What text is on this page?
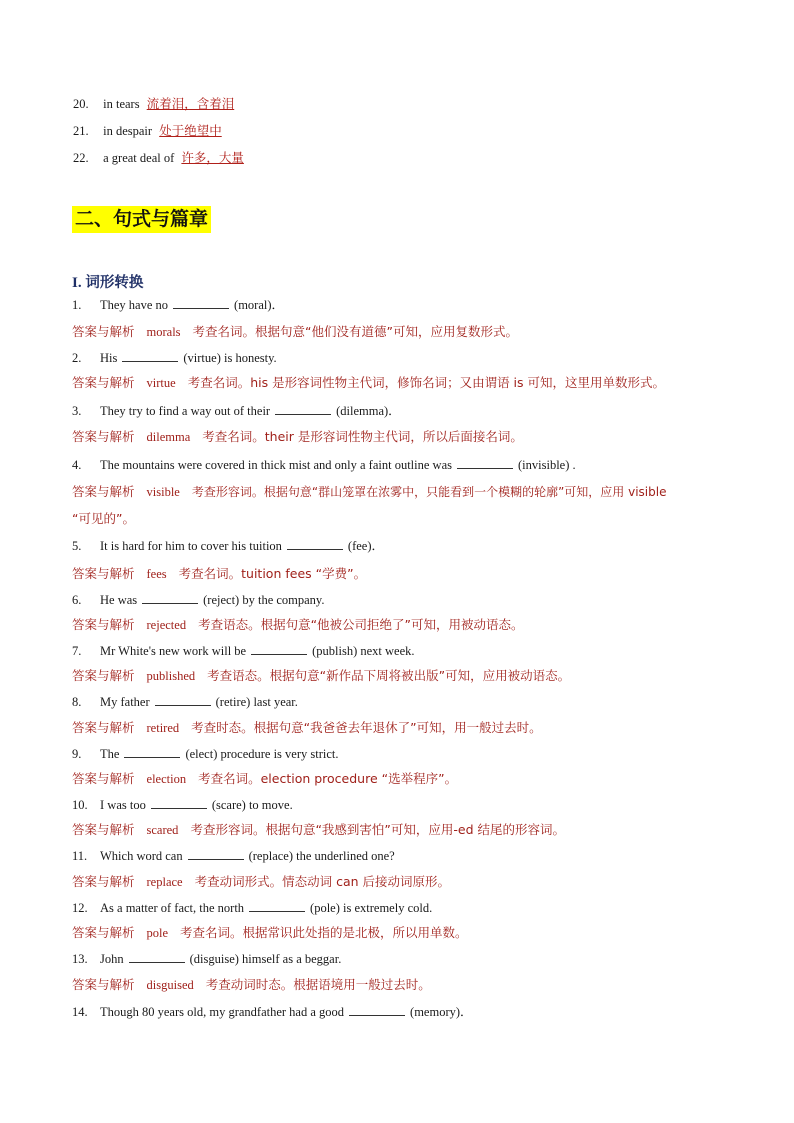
20. in tears 流着泪，含着泪
21. in despair 处于绝望中
22. a great deal of 许多，大量
二、句式与篇章
I. 词形转换
1. They have no	(moral)．
答案与解析 morals 考查名词。根据句意“他们没有道德”可知，应用复数形式。
2. His	(virtue) is honesty.
答案与解析 virtue 考查名词。his 是形容词性物主代词，修饰名词；又由谓语 is 可知，这里用单数形式。
3. They try to find a way out of their	(dilemma)．
答案与解析 dilemma 考查名词。their 是形容词性物主代词，所以后面接名词。
4. The mountains were covered in thick mist and only a faint outline was	(invisible) .
答案与解析 visible 考查形容词。根据句意“群山笼罩在浓雾中，只能看到一个模糊的轮廓”可知，应用 visible
“可见的”。
5. It is hard for him to cover his tuition	(fee)．
答案与解析 fees 考查名词。tuition fees “学费”。
6. He was	(reject) by the company.
答案与解析 rejected 考查语态。根据句意“他被公司拒绝了”可知，用被动语态。
7. Mr White's new work will be	(publish) next week.
答案与解析 published 考查语态。根据句意“新作品下周将被出版”可知，应用被动语态。
8. My father	(retire) last year.
答案与解析 retired 考查时态。根据句意“我爸爸去年退休了”可知，用一般过去时。
9. The	(elect) procedure is very strict.
答案与解析 election 考查名词。election procedure “选举程序”。
10. I was too	(scare) to move.
答案与解析 scared 考查形容词。根据句意“我感到害怕”可知，应用-ed 结尾的形容词。
11. Which word can	(replace) the underlined one?
答案与解析 replace 考查动词形式。情态动词 can 后接动词原形。
12. As a matter of fact, the north	(pole) is extremely cold.
答案与解析 pole 考查名词。根据常识此处指的是北极，所以用单数。
13. John	(disguise) himself as a beggar.
答案与解析 disguised 考查动词时态。根据语境用一般过去时。
14. Though 80 years old, my grandfather had a good	(memory)．
